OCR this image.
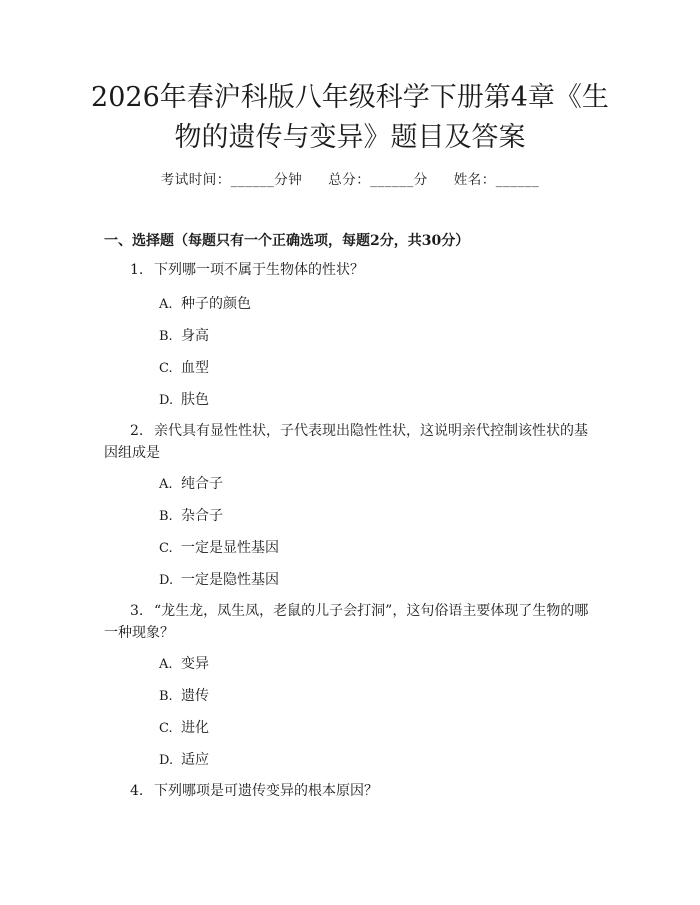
2026年春沪科版八年级科学下册第4章《生物的遗传与变异》题目及答案
考试时间：______分钟 总分：______分 姓名：______
一、选择题（每题只有一个正确选项，每题2分，共30分）

1. 下列哪一项不属于生物体的性状？

A. 种子的颜色

B. 身高

C. 血型

D. 肤色

2. 亲代具有显性性状，子代表现出隐性性状，这说明亲代控制该性状的基因组成是

A. 纯合子

B. 杂合子

C. 一定是显性基因

D. 一定是隐性基因

3. “龙生龙，凤生凤，老鼠的儿子会打洞”，这句俗语主要体现了生物的哪一种现象？

A. 变异

B. 遗传

C. 进化

D. 适应

4. 下列哪项是可遗传变异的根本原因？
